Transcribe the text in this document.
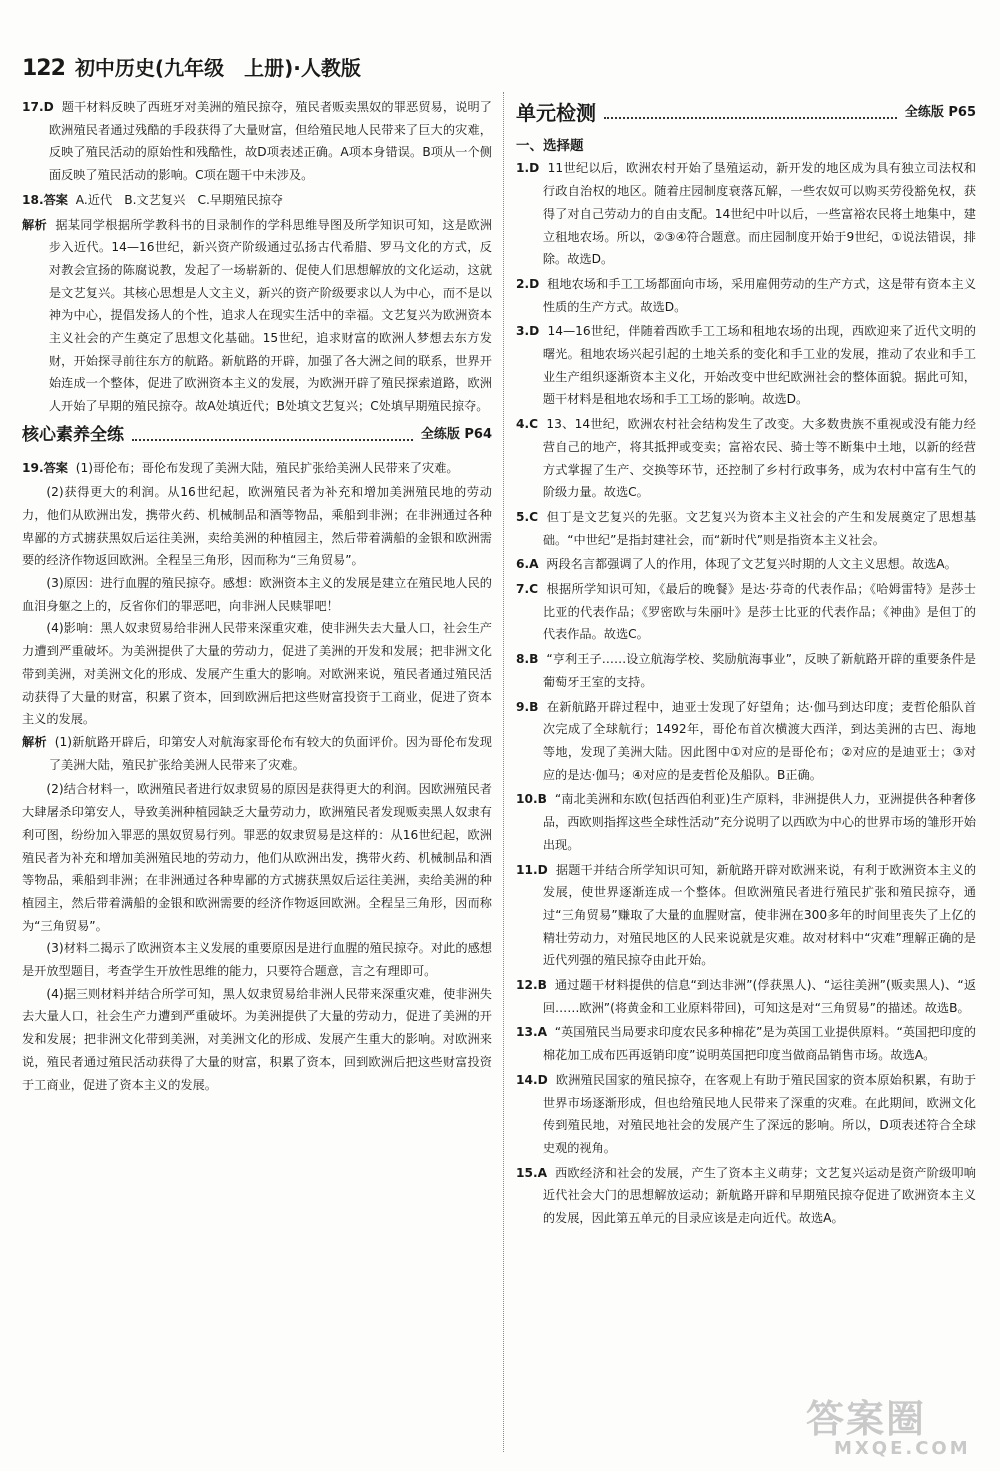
122 初中历史(九年级　上册)·人教版
17.D 题干材料反映了西班牙对美洲的殖民掠夺，殖民者贩卖黑奴的罪恶贸易，说明了欧洲殖民者通过残酷的手段获得了大量财富，但给殖民地人民带来了巨大的灾难，反映了殖民活动的原始性和残酷性，故D项表述正确。A项本身错误。B项从一个侧面反映了殖民活动的影响。C项在题干中未涉及。
18.答案 A.近代　B.文艺复兴　C.早期殖民掠夺
解析 据某同学根据所学教科书的目录制作的学科思维导图及所学知识可知，这是欧洲步入近代。14—16世纪，新兴资产阶级通过弘扬古代希腊、罗马文化的方式，反对教会宣扬的陈腐说教，发起了一场崭新的、促使人们思想解放的文化运动，这就是文艺复兴。其核心思想是人文主义，新兴的资产阶级要求以人为中心，而不是以神为中心，提倡发扬人的个性，追求人在现实生活中的幸福。文艺复兴为欧洲资本主义社会的产生奠定了思想文化基础。15世纪，追求财富的欧洲人梦想去东方发财，开始探寻前往东方的航路。新航路的开辟，加强了各大洲之间的联系，世界开始连成一个整体，促进了欧洲资本主义的发展，为欧洲开辟了殖民探索道路，欧洲人开始了早期的殖民掠夺。故A处填近代；B处填文艺复兴；C处填早期殖民掠夺。
核心素养全练	全练版 P64
19.答案 (1)哥伦布；哥伦布发现了美洲大陆，殖民扩张给美洲人民带来了灾难。

(2)获得更大的利润。从16世纪起，欧洲殖民者为补充和增加美洲殖民地的劳动力，他们从欧洲出发，携带火药、机械制品和酒等物品，乘船到非洲；在非洲通过各种卑鄙的方式掳获黑奴后运往美洲，卖给美洲的种植园主，然后带着满船的金银和欧洲需要的经济作物返回欧洲。全程呈三角形，因而称为“三角贸易”。

(3)原因：进行血腥的殖民掠夺。感想：欧洲资本主义的发展是建立在殖民地人民的血泪身躯之上的，反省你们的罪恶吧，向非洲人民赎罪吧！

(4)影响：黑人奴隶贸易给非洲人民带来深重灾难，使非洲失去大量人口，社会生产力遭到严重破坏。为美洲提供了大量的劳动力，促进了美洲的开发和发展；把非洲文化带到美洲，对美洲文化的形成、发展产生重大的影响。对欧洲来说，殖民者通过殖民活动获得了大量的财富，积累了资本，回到欧洲后把这些财富投资于工商业，促进了资本主义的发展。

解析 (1)新航路开辟后，印第安人对航海家哥伦布有较大的负面评价。因为哥伦布发现了美洲大陆，殖民扩张给美洲人民带来了灾难。

(2)结合材料一，欧洲殖民者进行奴隶贸易的原因是获得更大的利润。因欧洲殖民者大肆屠杀印第安人，导致美洲种植园缺乏大量劳动力，欧洲殖民者发现贩卖黑人奴隶有利可图，纷纷加入罪恶的黑奴贸易行列。罪恶的奴隶贸易是这样的：从16世纪起，欧洲殖民者为补充和增加美洲殖民地的劳动力，他们从欧洲出发，携带火药、机械制品和酒等物品，乘船到非洲；在非洲通过各种卑鄙的方式掳获黑奴后运往美洲，卖给美洲的种植园主，然后带着满船的金银和欧洲需要的经济作物返回欧洲。全程呈三角形，因而称为“三角贸易”。

(3)材料二揭示了欧洲资本主义发展的重要原因是进行血腥的殖民掠夺。对此的感想是开放型题目，考查学生开放性思维的能力，只要符合题意，言之有理即可。

(4)据三则材料并结合所学可知，黑人奴隶贸易给非洲人民带来深重灾难，使非洲失去大量人口，社会生产力遭到严重破坏。为美洲提供了大量的劳动力，促进了美洲的开发和发展；把非洲文化带到美洲，对美洲文化的形成、发展产生重大的影响。对欧洲来说，殖民者通过殖民活动获得了大量的财富，积累了资本，回到欧洲后把这些财富投资于工商业，促进了资本主义的发展。

单元检测	全练版 P65
一、选择题
1.D 11世纪以后，欧洲农村开始了垦殖运动，新开发的地区成为具有独立司法权和行政自治权的地区。随着庄园制度衰落瓦解，一些农奴可以购买劳役豁免权，获得了对自己劳动力的自由支配。14世纪中叶以后，一些富裕农民将土地集中，建立租地农场。所以，②③④符合题意。而庄园制度开始于9世纪，①说法错误，排除。故选D。
2.D 租地农场和手工工场都面向市场，采用雇佣劳动的生产方式，这是带有资本主义性质的生产方式。故选D。
3.D 14—16世纪，伴随着西欧手工工场和租地农场的出现，西欧迎来了近代文明的曙光。租地农场兴起引起的土地关系的变化和手工业的发展，推动了农业和手工业生产组织逐渐资本主义化，开始改变中世纪欧洲社会的整体面貌。据此可知，题干材料是租地农场和手工工场的影响。故选D。
4.C 13、14世纪，欧洲农村社会结构发生了改变。大多数贵族不重视或没有能力经营自己的地产，将其抵押或变卖；富裕农民、骑士等不断集中土地，以新的经营方式掌握了生产、交换等环节，还控制了乡村行政事务，成为农村中富有生气的阶级力量。故选C。
5.C 但丁是文艺复兴的先驱。文艺复兴为资本主义社会的产生和发展奠定了思想基础。“中世纪”是指封建社会，而“新时代”则是指资本主义社会。
6.A 两段名言都强调了人的作用，体现了文艺复兴时期的人文主义思想。故选A。
7.C 根据所学知识可知，《最后的晚餐》是达·芬奇的代表作品；《哈姆雷特》是莎士比亚的代表作品；《罗密欧与朱丽叶》是莎士比亚的代表作品；《神曲》是但丁的代表作品。故选C。
8.B “亨利王子……设立航海学校、奖励航海事业”，反映了新航路开辟的重要条件是葡萄牙王室的支持。
9.B 在新航路开辟过程中，迪亚士发现了好望角；达·伽马到达印度；麦哲伦船队首次完成了全球航行；1492年，哥伦布首次横渡大西洋，到达美洲的古巴、海地等地，发现了美洲大陆。因此图中①对应的是哥伦布；②对应的是迪亚士；③对应的是达·伽马；④对应的是麦哲伦及船队。B正确。
10.B “南北美洲和东欧(包括西伯利亚)生产原料，非洲提供人力，亚洲提供各种奢侈品，西欧则指挥这些全球性活动”充分说明了以西欧为中心的世界市场的雏形开始出现。
11.D 据题干并结合所学知识可知，新航路开辟对欧洲来说，有利于欧洲资本主义的发展，使世界逐渐连成一个整体。但欧洲殖民者进行殖民扩张和殖民掠夺，通过“三角贸易”赚取了大量的血腥财富，使非洲在300多年的时间里丧失了上亿的精壮劳动力，对殖民地区的人民来说就是灾难。故对材料中“灾难”理解正确的是近代列强的殖民掠夺由此开始。
12.B 通过题干材料提供的信息“到达非洲”(俘获黑人)、“运往美洲”(贩卖黑人)、“返回……欧洲”(将黄金和工业原料带回)，可知这是对“三角贸易”的描述。故选B。
13.A “英国殖民当局要求印度农民多种棉花”是为英国工业提供原料。“英国把印度的棉花加工成布匹再返销印度”说明英国把印度当做商品销售市场。故选A。
14.D 欧洲殖民国家的殖民掠夺，在客观上有助于殖民国家的资本原始积累，有助于世界市场逐渐形成，但也给殖民地人民带来了深重的灾难。在此期间，欧洲文化传到殖民地，对殖民地社会的发展产生了深远的影响。所以，D项表述符合全球史观的视角。
15.A 西欧经济和社会的发展，产生了资本主义萌芽；文艺复兴运动是资产阶级叩响近代社会大门的思想解放运动；新航路开辟和早期殖民掠夺促进了欧洲资本主义的发展，因此第五单元的目录应该是走向近代。故选A。
答案圈
MXQE.COM
